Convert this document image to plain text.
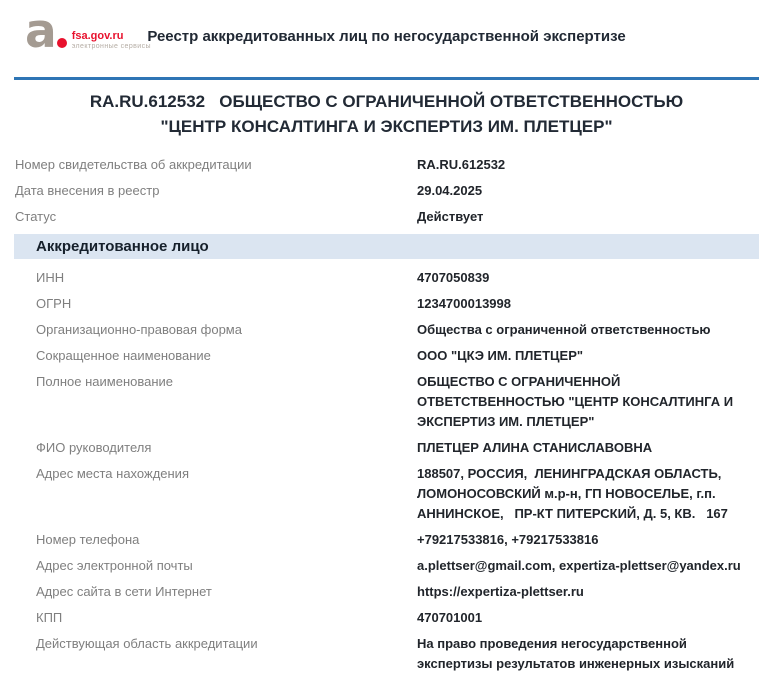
a fsa.gov.ru
электронные сервисы
Реестр аккредитованных лиц по негосударственной экспертизе
RA.RU.612532   ОБЩЕСТВО С ОГРАНИЧЕННОЙ ОТВЕТСТВЕННОСТЬЮ "ЦЕНТР КОНСАЛТИНГА И ЭКСПЕРТИЗ ИМ. ПЛЕТЦЕР"
Номер свидетельства об аккредитации	RA.RU.612532
Дата внесения в реестр	29.04.2025
Статус	Действует
Аккредитованное лицо
ИНН	4707050839
ОГРН	1234700013998
Организационно-правовая форма	Общества с ограниченной ответственностью
Сокращенное наименование	ООО "ЦКЭ ИМ. ПЛЕТЦЕР"
Полное наименование	ОБЩЕСТВО С ОГРАНИЧЕННОЙ ОТВЕТСТВЕННОСТЬЮ "ЦЕНТР КОНСАЛТИНГА И ЭКСПЕРТИЗ ИМ. ПЛЕТЦЕР"
ФИО руководителя	ПЛЕТЦЕР АЛИНА СТАНИСЛАВОВНА
Адрес места нахождения	188507, РОССИЯ,  ЛЕНИНГРАДСКАЯ ОБЛАСТЬ, ЛОМОНОСОВСКИЙ м.р-н, ГП НОВОСЕЛЬЕ, г.п. АННИНСКОЕ,   ПР-КТ ПИТЕРСКИЙ, Д. 5, КВ.   167
Номер телефона	+79217533816, +79217533816
Адрес электронной почты	a.plettser@gmail.com, expertiza-plettser@yandex.ru
Адрес сайта в сети Интернет	https://expertiza-plettser.ru
КПП	470701001
Действующая область аккредитации	На право проведения негосударственной экспертизы результатов инженерных изысканий
